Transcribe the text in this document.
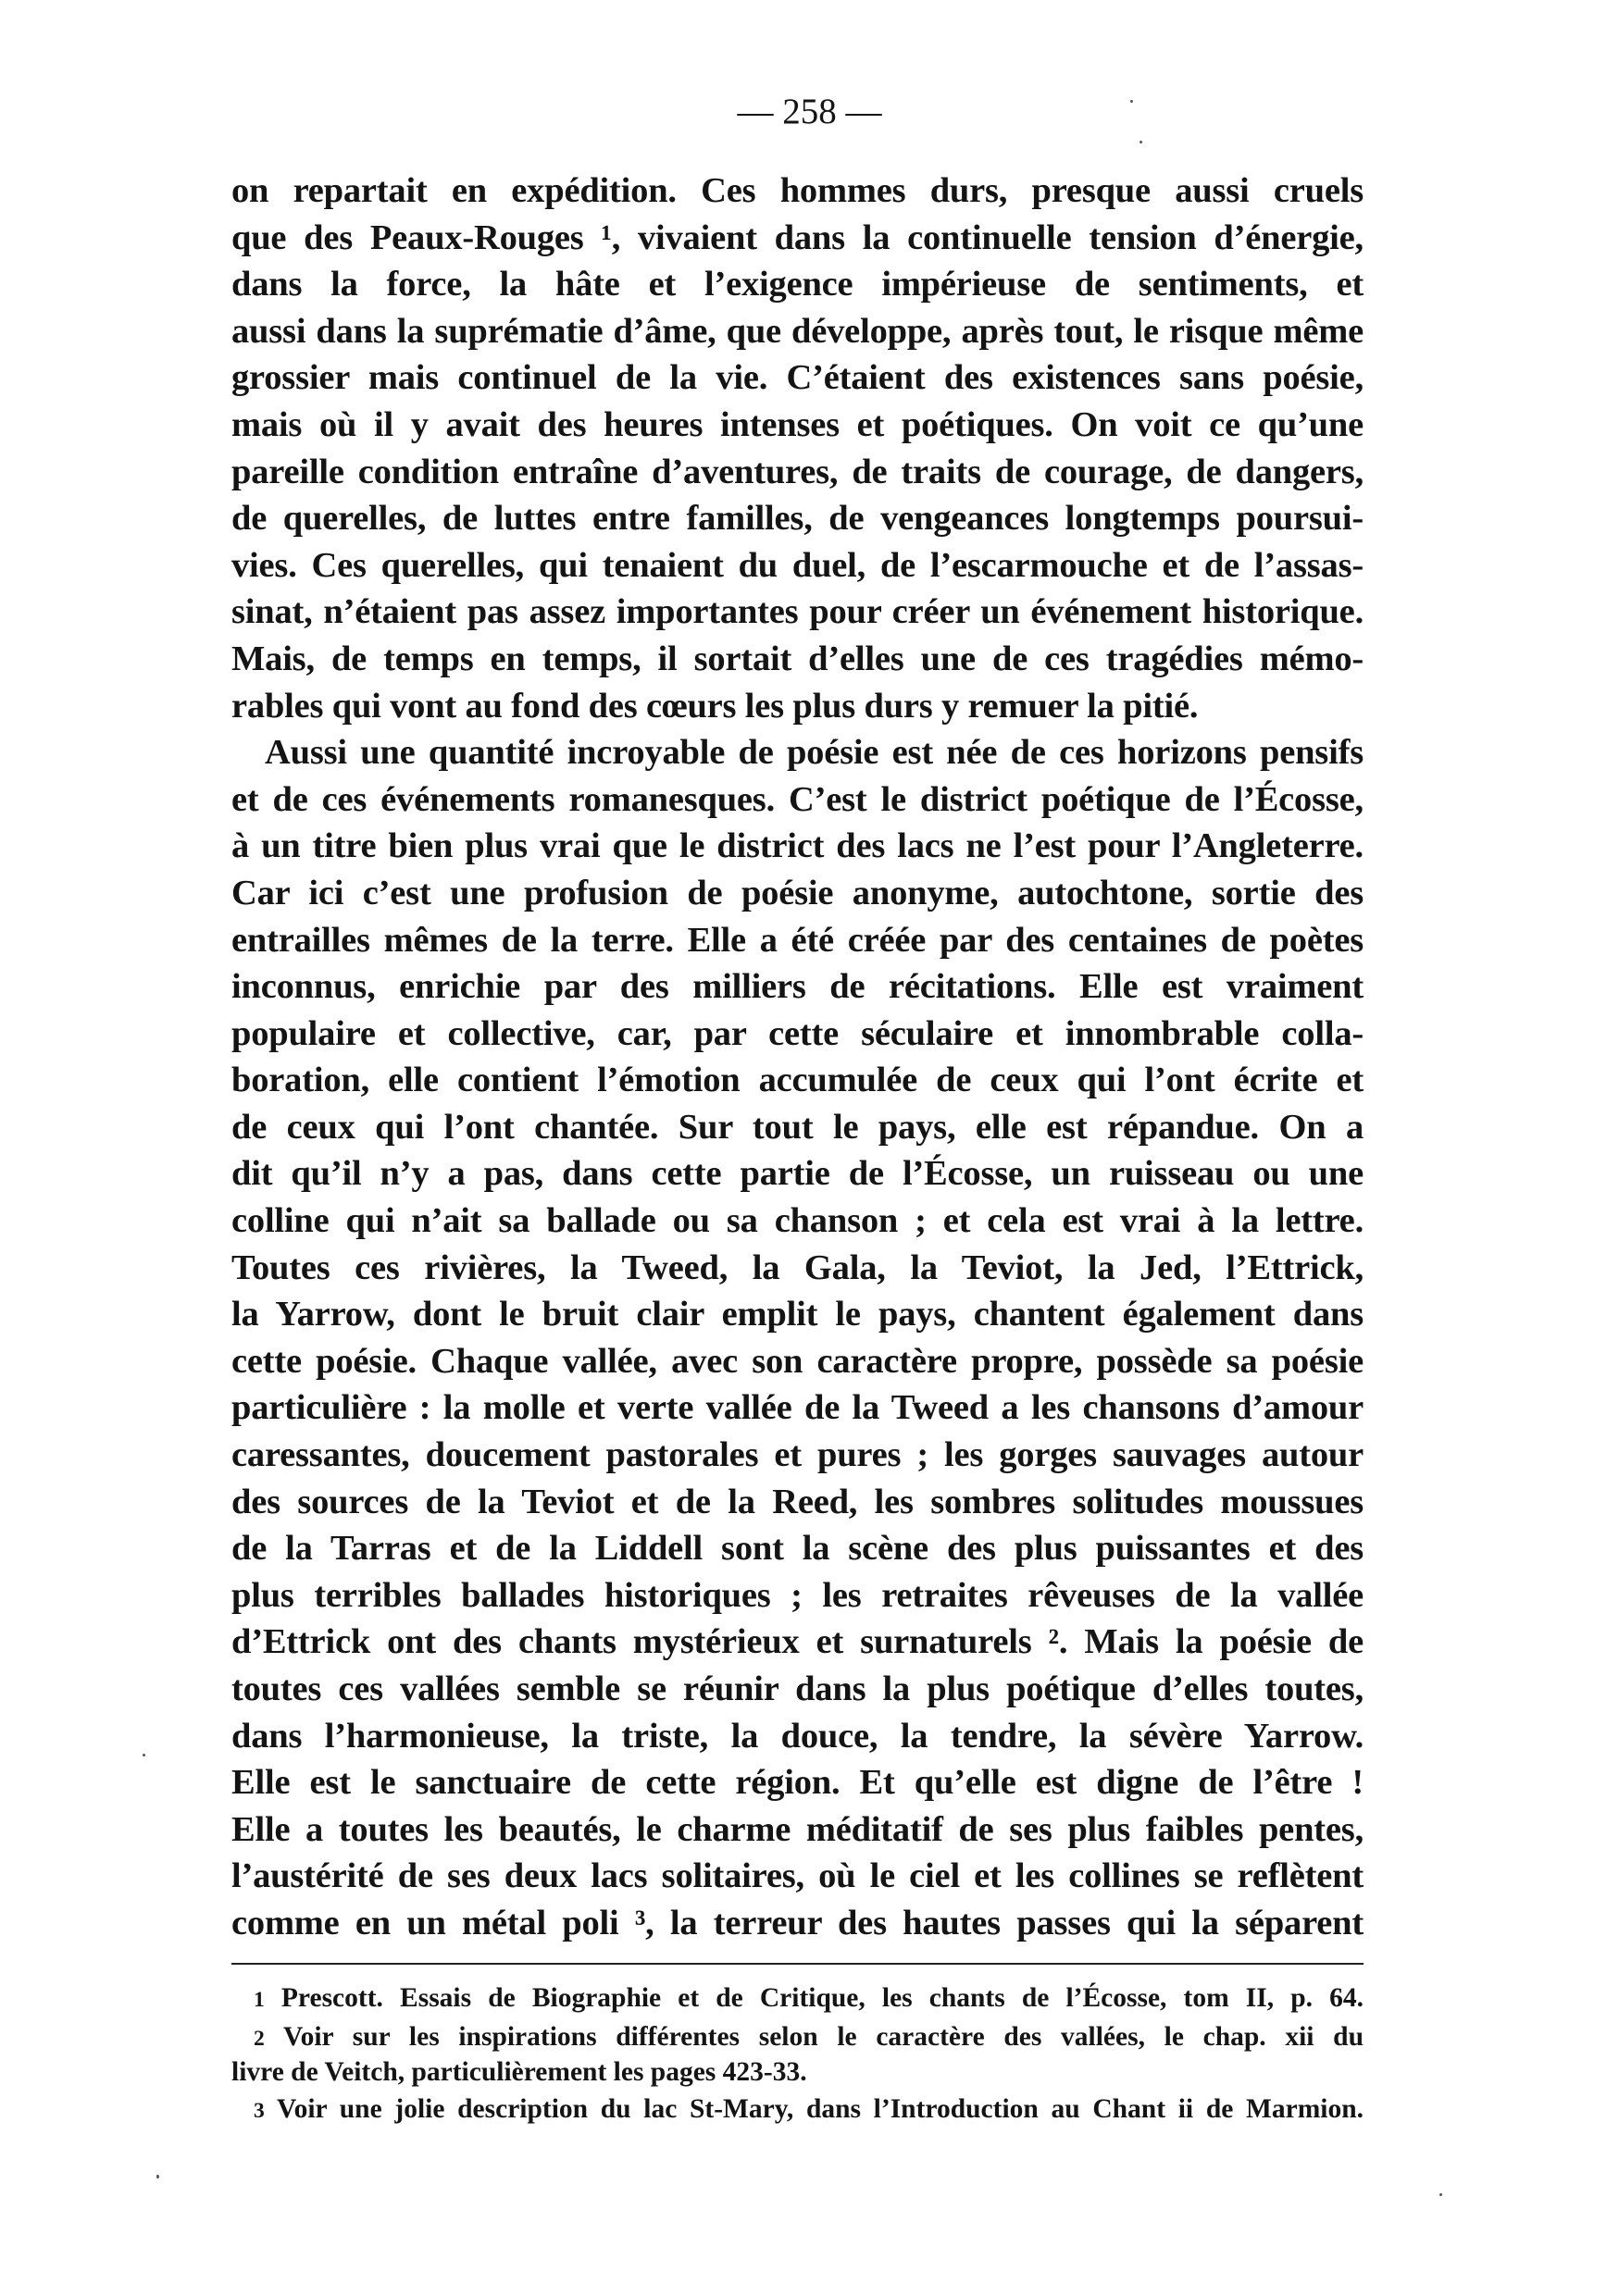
— 258 —
on repartait en expédition. Ces hommes durs, presque aussi cruels
que des Peaux-Rouges ¹, vivaient dans la continuelle tension d’énergie,
dans la force, la hâte et l’exigence impérieuse de sentiments, et
aussi dans la suprématie d’âme, que développe, après tout, le risque même
grossier mais continuel de la vie. C’étaient des existences sans poésie,
mais où il y avait des heures intenses et poétiques. On voit ce qu’une
pareille condition entraîne d’aventures, de traits de courage, de dangers,
de querelles, de luttes entre familles, de vengeances longtemps poursui-
vies. Ces querelles, qui tenaient du duel, de l’escarmouche et de l’assas-
sinat, n’étaient pas assez importantes pour créer un événement historique.
Mais, de temps en temps, il sortait d’elles une de ces tragédies mémo-
rables qui vont au fond des cœurs les plus durs y remuer la pitié.
Aussi une quantité incroyable de poésie est née de ces horizons pensifs
et de ces événements romanesques. C’est le district poétique de l’Écosse,
à un titre bien plus vrai que le district des lacs ne l’est pour l’Angleterre.
Car ici c’est une profusion de poésie anonyme, autochtone, sortie des
entrailles mêmes de la terre. Elle a été créée par des centaines de poètes
inconnus, enrichie par des milliers de récitations. Elle est vraiment
populaire et collective, car, par cette séculaire et innombrable colla-
boration, elle contient l’émotion accumulée de ceux qui l’ont écrite et
de ceux qui l’ont chantée. Sur tout le pays, elle est répandue. On a
dit qu’il n’y a pas, dans cette partie de l’Écosse, un ruisseau ou une
colline qui n’ait sa ballade ou sa chanson ; et cela est vrai à la lettre.
Toutes ces rivières, la Tweed, la Gala, la Teviot, la Jed, l’Ettrick,
la Yarrow, dont le bruit clair emplit le pays, chantent également dans
cette poésie. Chaque vallée, avec son caractère propre, possède sa poésie
particulière : la molle et verte vallée de la Tweed a les chansons d’amour
caressantes, doucement pastorales et pures ; les gorges sauvages autour
des sources de la Teviot et de la Reed, les sombres solitudes moussues
de la Tarras et de la Liddell sont la scène des plus puissantes et des
plus terribles ballades historiques ; les retraites rêveuses de la vallée
d’Ettrick ont des chants mystérieux et surnaturels ². Mais la poésie de
toutes ces vallées semble se réunir dans la plus poétique d’elles toutes,
dans l’harmonieuse, la triste, la douce, la tendre, la sévère Yarrow.
Elle est le sanctuaire de cette région. Et qu’elle est digne de l’être !
Elle a toutes les beautés, le charme méditatif de ses plus faibles pentes,
l’austérité de ses deux lacs solitaires, où le ciel et les collines se reflètent
comme en un métal poli ³, la terreur des hautes passes qui la séparent
1 Prescott. Essais de Biographie et de Critique, les chants de l’Écosse, tom II, p. 64.
2 Voir sur les inspirations différentes selon le caractère des vallées, le chap. xii du
livre de Veitch, particulièrement les pages 423-33.
3 Voir une jolie description du lac St-Mary, dans l’Introduction au Chant ii de Marmion.
